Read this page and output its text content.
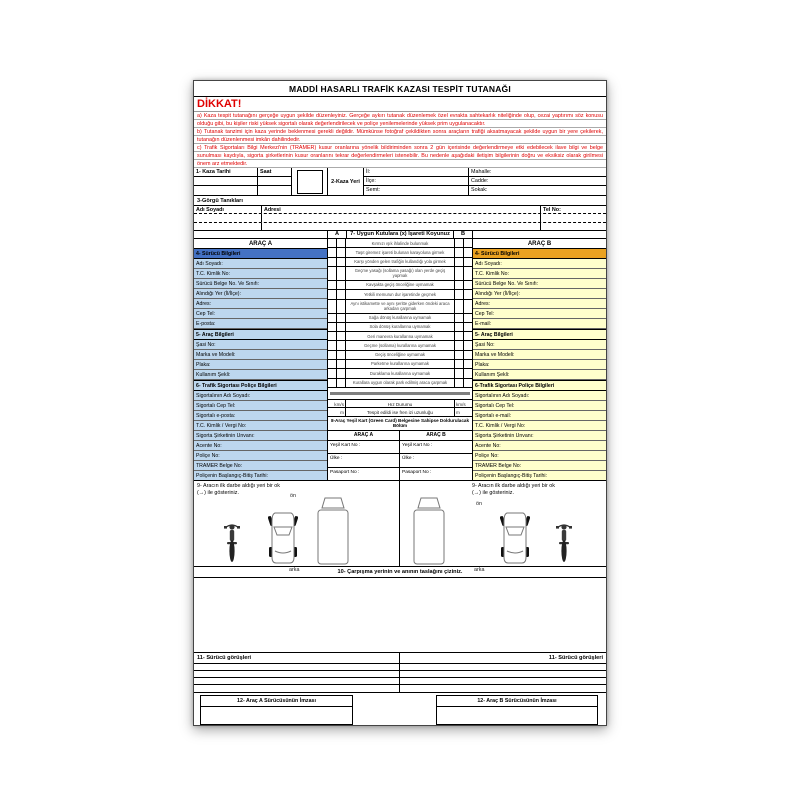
MADDİ HASARLI TRAFİK KAZASI TESPİT TUTANAĞI
DİKKAT!
a) Kaza tespit tutanağını gerçeğe uygun şekilde düzenleyiniz. Gerçeğe aykırı tutanak düzenlemek özel evrakta sahtekarlık niteliğinde olup, cezai yaptırımı söz konusu olduğu gibi, bu kişiler riski yüksek sigortalı olarak değerlendirilecek ve poliçe yenilemelerinde yüksek prim uygulanacaktır.
b) Tutanak tanzimi için kaza yerinde beklenmesi gerekli değildir. Mümkünse fotoğraf çekildikten sonra araçların trafiği aksatmayacak şekilde uygun bir yere çekilerek, tutanağın düzenlenmesi imkân dahilindedir.
c) Trafik Sigortaları Bilgi Merkezi'nin (TRAMER) kusur oranlarına yönelik bildiriminden sonra 2 gün içerisinde değerlendirmeye etki edebilecek ilave bilgi ve belge sunulması kaydıyla, sigorta şirketlerinin kusur oranlarını tekrar değerlendirmeleri istenebilir. Bu nedenle aşağıdaki iletişim bilgilerinin doğru ve eksiksiz olarak girilmesi önem arz etmektedir.
1- Kaza Tarihi	Saat
2-Kaza Yeri
İl:
İlçe:
Semt:
Mahalle:
Cadde:
Sokak:
3-Görgü Tanıkları
Adı Soyadı	Adresi	Tel No:
A	7- Uygun Kutulara (x) İşareti Koyunuz	B
ARAÇ A
4- Sürücü Bilgileri
Adı Soyadı:
T.C. Kimlik No:
Sürücü Belge No. Ve Sınıfı:
Alındığı Yer (İl/İlçe):
Adres:
Cep Tel:
E-posta:
5- Araç Bilgileri
Şasi No:
Marka ve Modeli:
Plaka:
Kullanım Şekli:
6- Trafik Sigortası Poliçe Bilgileri
Sigortalının Adı Soyadı:
Sigortalı Cep Tel:
Sigortalı e-posta:
T.C. Kimlik / Vergi No:
Sigorta Şirketinin Unvanı:
Acente No:
Poliçe No:
TRAMER Belge No:
Poliçenin Başlangıç-Bitiş Tarihi:
Kırmızı ışık ihlalinde bulunmak
Taşıt giremez işareti bulunan karayoluna girmek
Karşı yönden gelen trafiğin kullandığı yola girmek
Geçme yasağı (sollama yasağı) olan yerde geçiş yapmak
Kavşakta geçiş önceliğine uymamak
Yetkili memurun dur işaretinde geçmek
Aynı istikamette ve aynı şeritte giderken öndeki araca arkadan çarpmak
Sağa dönüş kurallarına uymamak
Sola dönüş kurallarına uymamak
Geri manevra kurallarına uymamak
Geçme (sollama) kurallarına uymamak
Geçiş önceliğine uymamak
Parketme kurallarına uymamak
Duraklama kurallarına uymamak
Kurallara uygun olarak park edilmiş araca çarpmak
km/s	Hız Durumu	km/s
m	Tespit edildi ise fren izi uzunluğu	m
8-Araç Yeşil Kart (Green Card) Belgesine Sahipse Doldurulacak Bölüm
ARAÇ A	ARAÇ B
Yeşil Kart No :
Ülke :
Pasaport No :
Yeşil Kart No :
Ülke :
Pasaport No :
ARAÇ B
4- Sürücü Bilgileri
Adı Soyadı:
T.C. Kimlik No:
Sürücü Belge No. Ve Sınıfı:
Alındığı Yer (İl/İlçe):
Adres:
Cep Tel:
E-mail:
5- Araç Bilgileri
Şasi No:
Marka ve Modeli:
Plaka:
Kullanım Şekli:
6-Trafik Sigortası Poliçe Bilgileri
Sigortalının Adı Soyadı:
Sigortalı Cep Tel:
Sigortalı e-mail:
T.C. Kimlik / Vergi No:
Sigorta Şirketinin Unvanı:
Acente No:
Poliçe No:
TRAMER Belge No:
Poliçenin Başlangıç-Bitiş Tarihi:
9- Aracın ilk darbe aldığı yeri bir ok (→) ile gösteriniz.
ön
arka
9- Aracın ilk darbe aldığı yeri bir ok (→) ile gösteriniz.
ön
arka
10- Çarpışma yerinin ve anının taslağını çiziniz.
11- Sürücü görüşleri	11- Sürücü görüşleri
12- Araç A Sürücüsünün İmzası	12- Araç B Sürücüsünün İmzası
